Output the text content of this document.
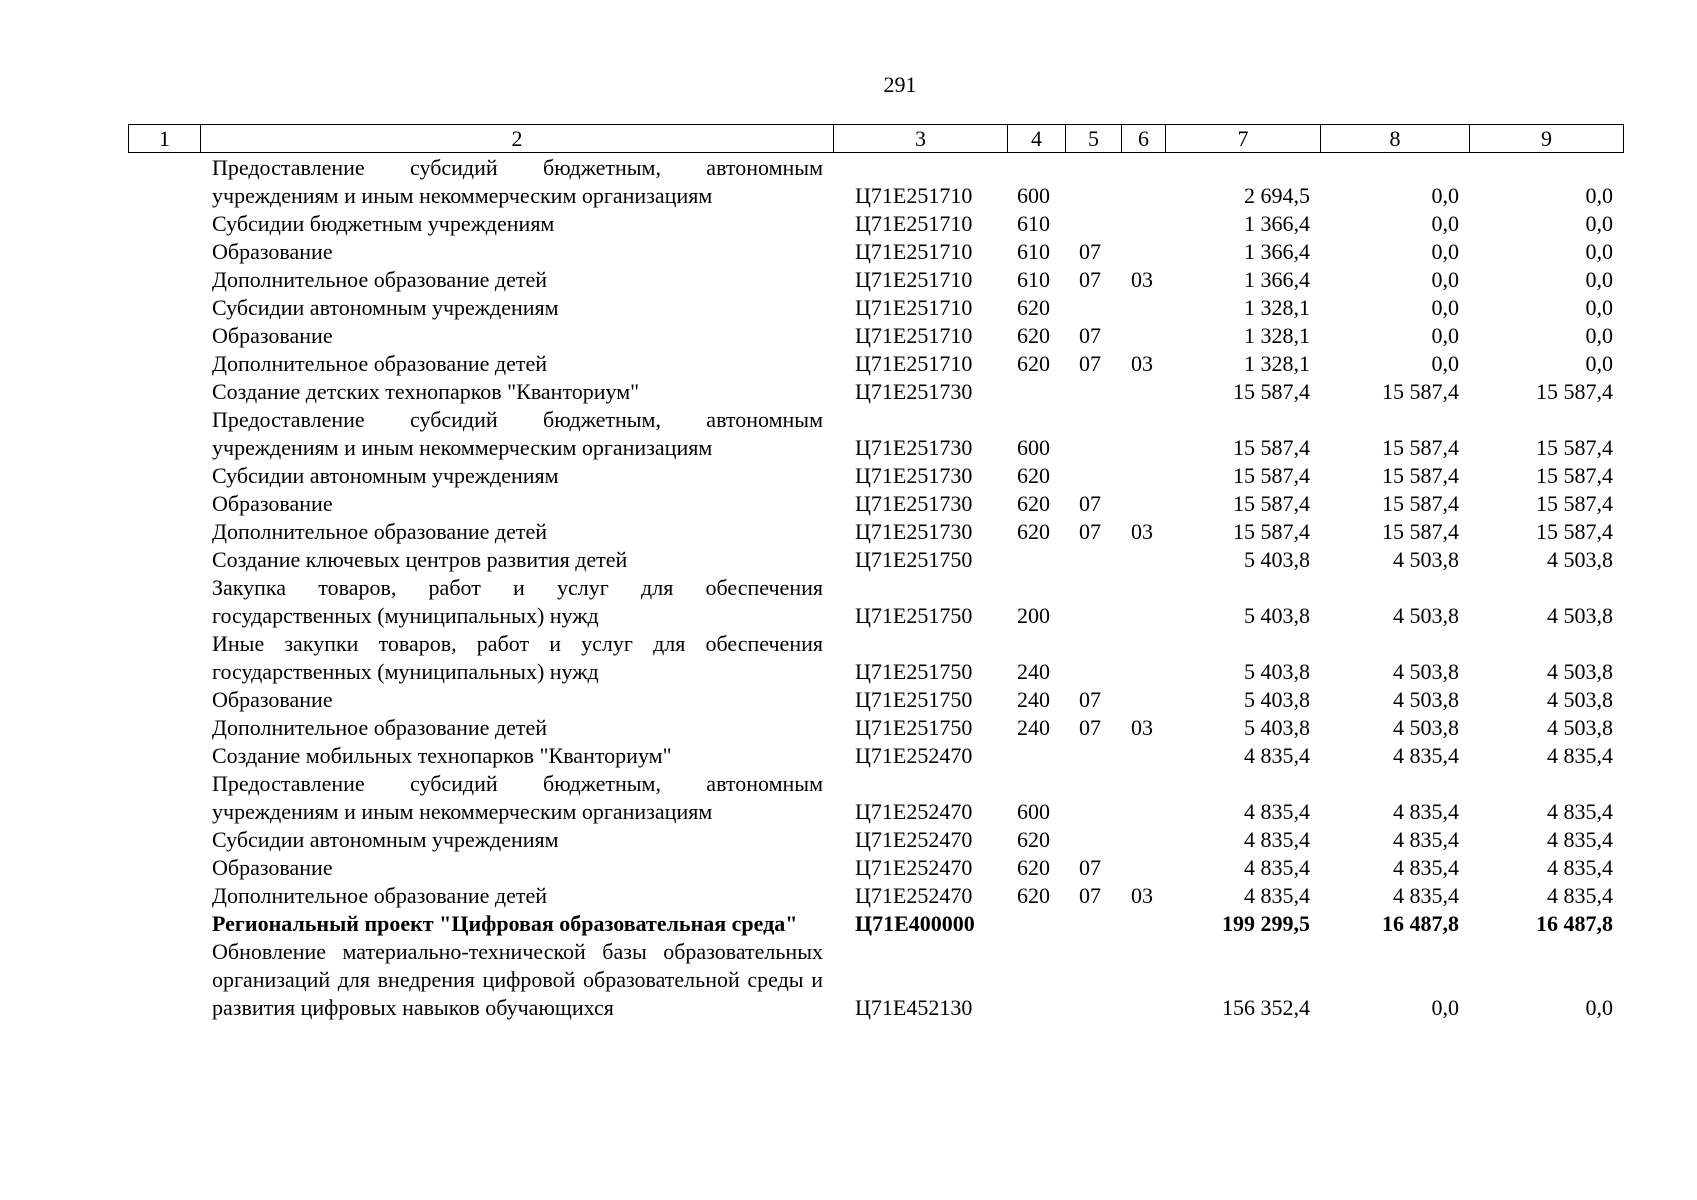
291
1	2	3	4	5	6	7	8	9
	Предоставление субсидий бюджетным, автономным учреждениям и иным некоммерческим организациям	Ц71Е251710	600			2 694,5	0,0	0,0
	Субсидии бюджетным учреждениям	Ц71Е251710	610			1 366,4	0,0	0,0
	Образование	Ц71Е251710	610	07		1 366,4	0,0	0,0
	Дополнительное образование детей	Ц71Е251710	610	07	03	1 366,4	0,0	0,0
	Субсидии автономным учреждениям	Ц71Е251710	620			1 328,1	0,0	0,0
	Образование	Ц71Е251710	620	07		1 328,1	0,0	0,0
	Дополнительное образование детей	Ц71Е251710	620	07	03	1 328,1	0,0	0,0
	Создание детских технопарков "Кванториум"	Ц71Е251730				15 587,4	15 587,4	15 587,4
	Предоставление субсидий бюджетным, автономным учреждениям и иным некоммерческим организациям	Ц71Е251730	600			15 587,4	15 587,4	15 587,4
	Субсидии автономным учреждениям	Ц71Е251730	620			15 587,4	15 587,4	15 587,4
	Образование	Ц71Е251730	620	07		15 587,4	15 587,4	15 587,4
	Дополнительное образование детей	Ц71Е251730	620	07	03	15 587,4	15 587,4	15 587,4
	Создание ключевых центров развития детей	Ц71Е251750				5 403,8	4 503,8	4 503,8
	Закупка товаров, работ и услуг для обеспечения государственных (муниципальных) нужд	Ц71Е251750	200			5 403,8	4 503,8	4 503,8
	Иные закупки товаров, работ и услуг для обеспечения государственных (муниципальных) нужд	Ц71Е251750	240			5 403,8	4 503,8	4 503,8
	Образование	Ц71Е251750	240	07		5 403,8	4 503,8	4 503,8
	Дополнительное образование детей	Ц71Е251750	240	07	03	5 403,8	4 503,8	4 503,8
	Создание мобильных технопарков "Кванториум"	Ц71Е252470				4 835,4	4 835,4	4 835,4
	Предоставление субсидий бюджетным, автономным учреждениям и иным некоммерческим организациям	Ц71Е252470	600			4 835,4	4 835,4	4 835,4
	Субсидии автономным учреждениям	Ц71Е252470	620			4 835,4	4 835,4	4 835,4
	Образование	Ц71Е252470	620	07		4 835,4	4 835,4	4 835,4
	Дополнительное образование детей	Ц71Е252470	620	07	03	4 835,4	4 835,4	4 835,4
	Региональный проект "Цифровая образовательная среда"	Ц71Е400000				199 299,5	16 487,8	16 487,8
	Обновление материально-технической базы образовательных организаций для внедрения цифровой образовательной среды и развития цифровых навыков обучающихся	Ц71Е452130				156 352,4	0,0	0,0
